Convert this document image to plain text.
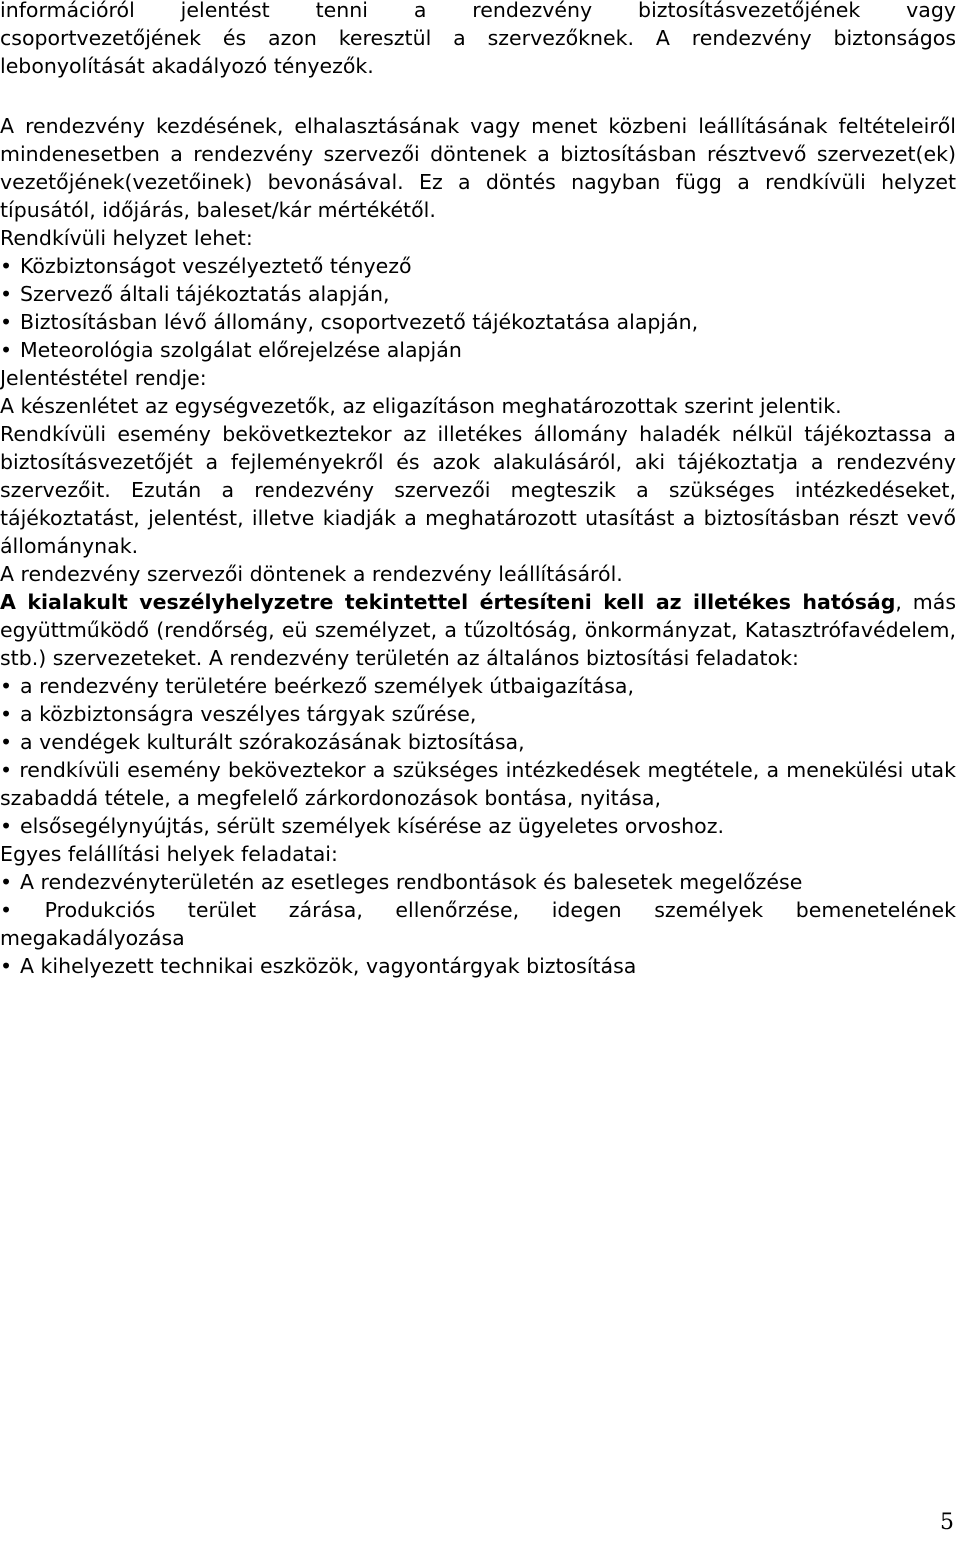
információról jelentést tenni a rendezvény biztosításvezetőjének vagy

csoportvezetőjének és azon keresztül a szervezőknek. A rendezvény biztonságos

lebonyolítását akadályozó tényezők.

A rendezvény kezdésének, elhalasztásának vagy menet közbeni leállításának feltételeiről mindenesetben a rendezvény szervezői döntenek a biztosításban résztvevő szervezet(ek) vezetőjének(vezetőinek) bevonásával. Ez a döntés nagyban függ a rendkívüli helyzet típusától, időjárás, baleset/kár mértékétől.

Rendkívüli helyzet lehet:

• Közbiztonságot veszélyeztető tényező
• Szervező általi tájékoztatás alapján,
• Biztosításban lévő állomány, csoportvezető tájékoztatása alapján,
• Meteorológia szolgálat előrejelzése alapján

Jelentéstétel rendje:

A készenlétet az egységvezetők, az eligazításon meghatározottak szerint jelentik.

Rendkívüli esemény bekövetkeztekor az illetékes állomány haladék nélkül tájékoztassa a biztosításvezetőjét a fejleményekről és azok alakulásáról, aki tájékoztatja a rendezvény szervezőit. Ezután a rendezvény szervezői megteszik a szükséges intézkedéseket, tájékoztatást, jelentést, illetve kiadják a meghatározott utasítást a biztosításban részt vevő állománynak.

A rendezvény szervezői döntenek a rendezvény leállításáról.

A kialakult veszélyhelyzetre tekintettel értesíteni kell az illetékes hatóság, más együttműködő (rendőrség, eü személyzet, a tűzoltóság, önkormányzat, Katasztrófavédelem, stb.) szervezeteket. A rendezvény területén az általános biztosítási feladatok:

• a rendezvény területére beérkező személyek útbaigazítása,
• a közbiztonságra veszélyes tárgyak szűrése,
• a vendégek kulturált szórakozásának biztosítása,
• rendkívüli esemény beköveztekor a szükséges intézkedések megtétele, a menekülési utak szabaddá tétele, a megfelelő zárkordonozások bontása, nyitása,
• elsősegélynyújtás, sérült személyek kísérése az ügyeletes orvoshoz.

Egyes felállítási helyek feladatai:

• A rendezvényterületén az esetleges rendbontások és balesetek megelőzése
• Produkciós terület zárása, ellenőrzése, idegen személyek bemenetelének megakadályozása
• A kihelyezett technikai eszközök, vagyontárgyak biztosítása
5
